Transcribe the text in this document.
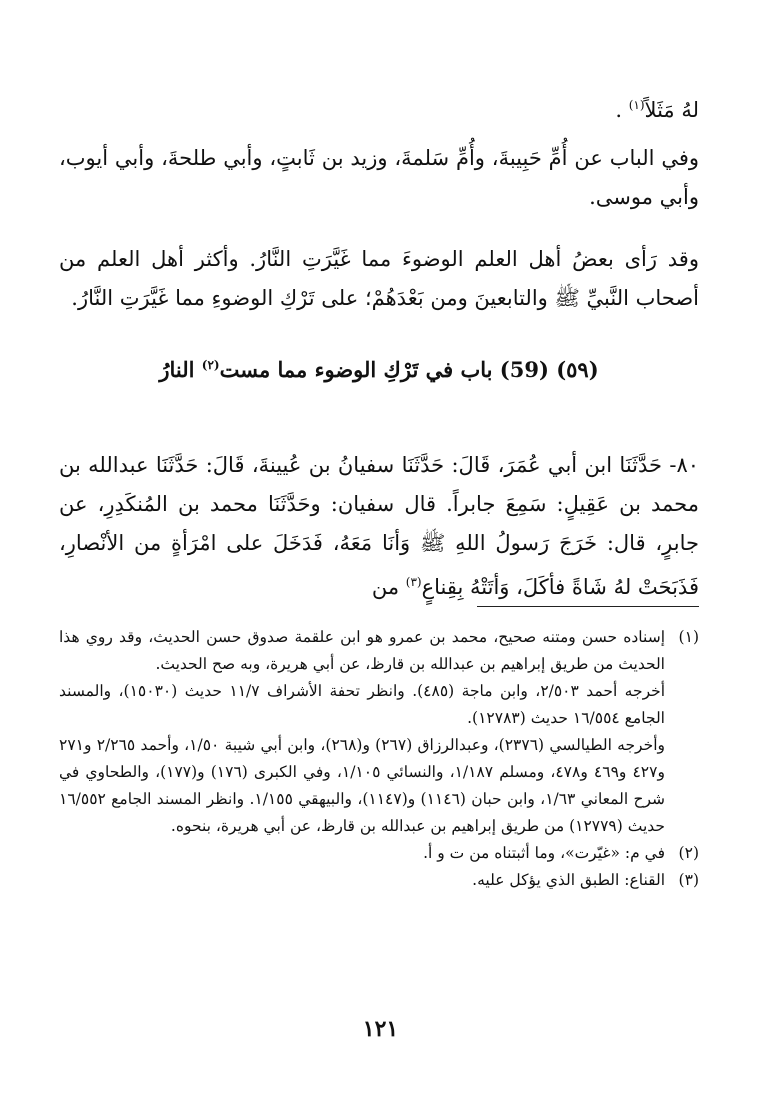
لهُ مَثَلاً$^{(١)}$ .
وفي الباب عن أُمِّ حَبِيبةَ، وأُمِّ سَلمةَ، وزيد بن ثَابتٍ، وأبي طلحةَ، وأبي أيوب، وأبي موسى.
وقد رَأى بعضُ أهل العلم الوضوءَ مما غَيَّرَتِ النَّارُ. وأكثر أهل العلم من أصحاب النَّبيِّ ﷺ والتابعينَ ومن بَعْدَهُمْ؛ على تَرْكِ الوضوءِ مما غَيَّرَتِ النَّارُ.
(٥٩) (59) باب في تَرْكِ الوضوء مما مست$^{(٢)}$ النارُ
٨٠- حَدَّثَنَا ابن أبي عُمَرَ، قَالَ: حَدَّثَنَا سفيانُ بن عُيينةَ، قَالَ: حَدَّثَنَا عبدالله بن محمد بن عَقِيلٍ: سَمِعَ جابراً. قال سفيان: وحَدَّثَنَا محمد بن المُنكَدِرِ، عن جابرٍ، قال: خَرَجَ رَسولُ اللهِ ﷺ وَأنَا مَعَهُ، فَدَخَلَ على امْرَأةٍ من الأنْصارِ، فَذَبَحَتْ لهُ شَاةً فأكَلَ، وَأتَتْهُ بِقِناعٍ$^{(٣)}$ من
(١)
إسناده حسن ومتنه صحيح، محمد بن عمرو هو ابن علقمة صدوق حسن الحديث، وقد روي هذا الحديث من طريق إبراهيم بن عبدالله بن قارظ، عن أبي هريرة، وبه صح الحديث.
أخرجه أحمد ٢/٥٠٣، وابن ماجة (٤٨٥). وانظر تحفة الأشراف ١١/٧ حديث (١٥٠٣٠)، والمسند الجامع ١٦/٥٥٤ حديث (١٢٧٨٣).
وأخرجه الطيالسي (٢٣٧٦)، وعبدالرزاق (٢٦٧) و(٢٦٨)، وابن أبي شيبة ١/٥٠، وأحمد ٢/٢٦٥ و٢٧١ و٤٢٧ و٤٦٩ و٤٧٨، ومسلم ١/١٨٧، والنسائي ١/١٠٥، وفي الكبرى (١٧٦) و(١٧٧)، والطحاوي في شرح المعاني ١/٦٣، وابن حبان (١١٤٦) و(١١٤٧)، والبيهقي ١/١٥٥. وانظر المسند الجامع ١٦/٥٥٢ حديث (١٢٧٧٩) من طريق إبراهيم بن عبدالله بن قارظ، عن أبي هريرة، بنحوه.
(٢)
في م: «غيّرت»، وما أثبتناه من ت و أ.
(٣)
القناع: الطبق الذي يؤكل عليه.
١٢١
